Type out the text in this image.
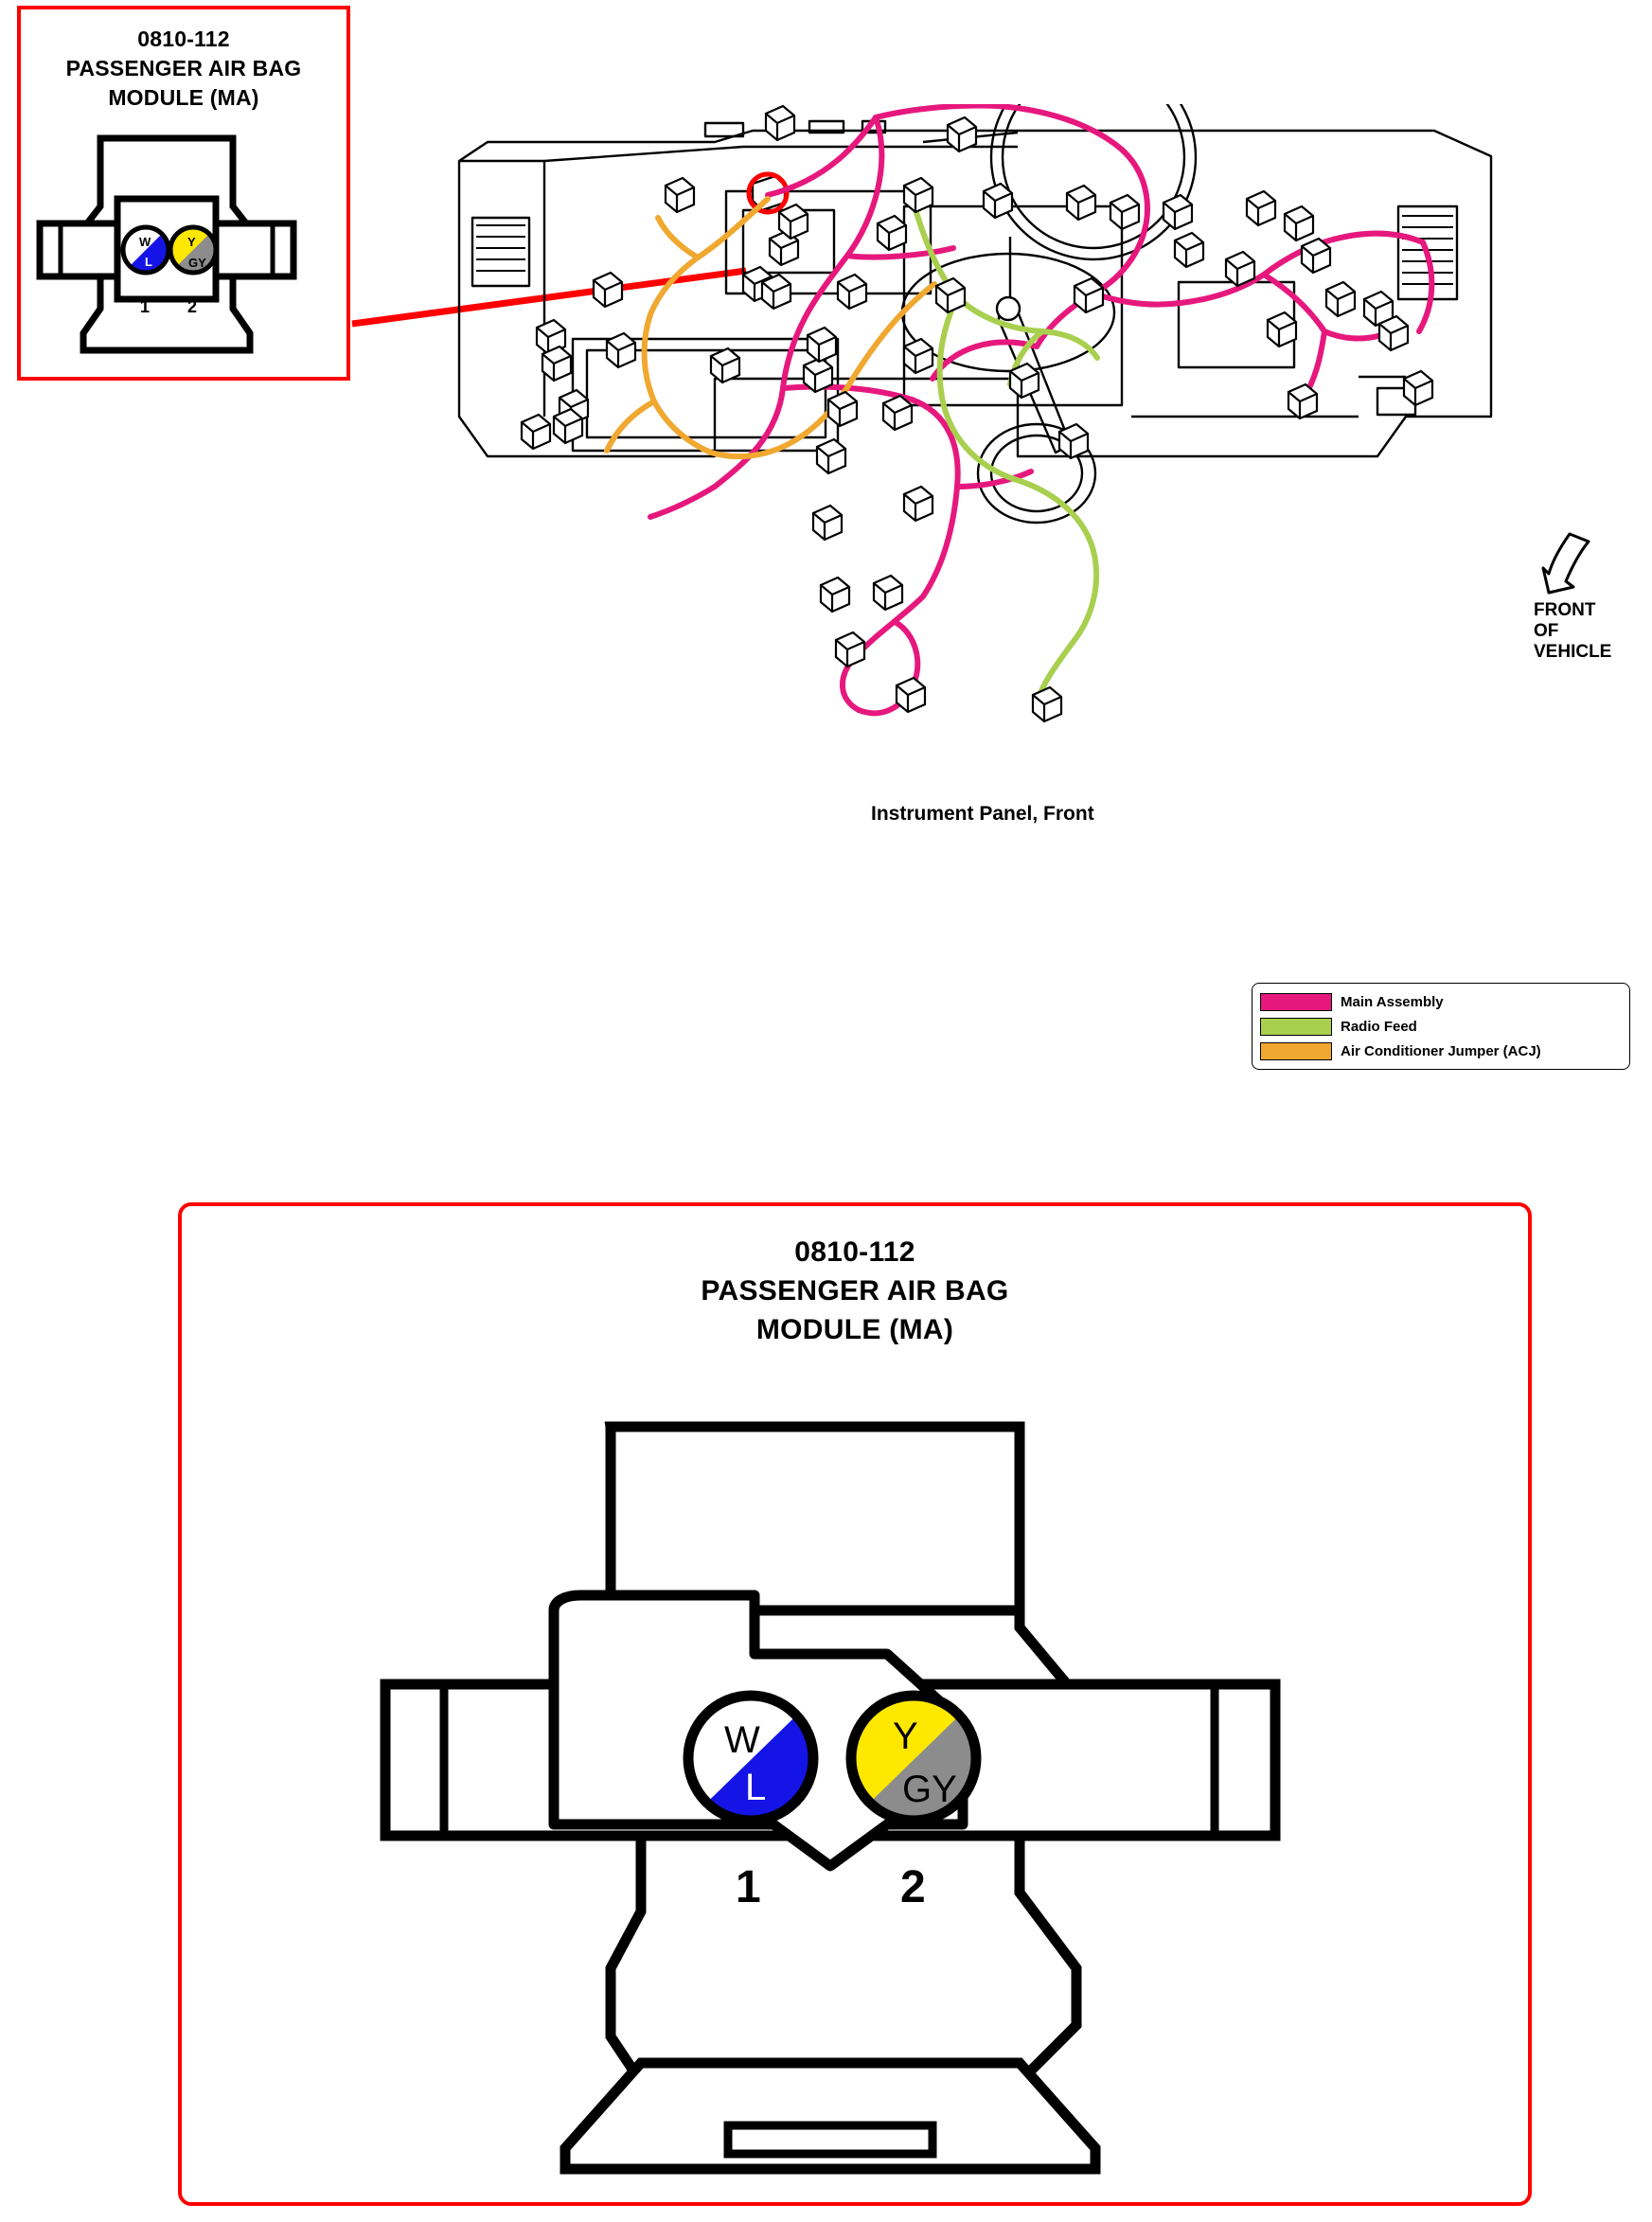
0810-112
PASSENGER AIR BAG
MODULE (MA)
W
L
1
Y
GY
2
Instrument Panel, Front
FRONT
OF
VEHICLE
Main Assembly
Radio Feed
Air Conditioner Jumper (ACJ)
0810-112
PASSENGER AIR BAG
MODULE (MA)
W
L
1
Y
GY
2
